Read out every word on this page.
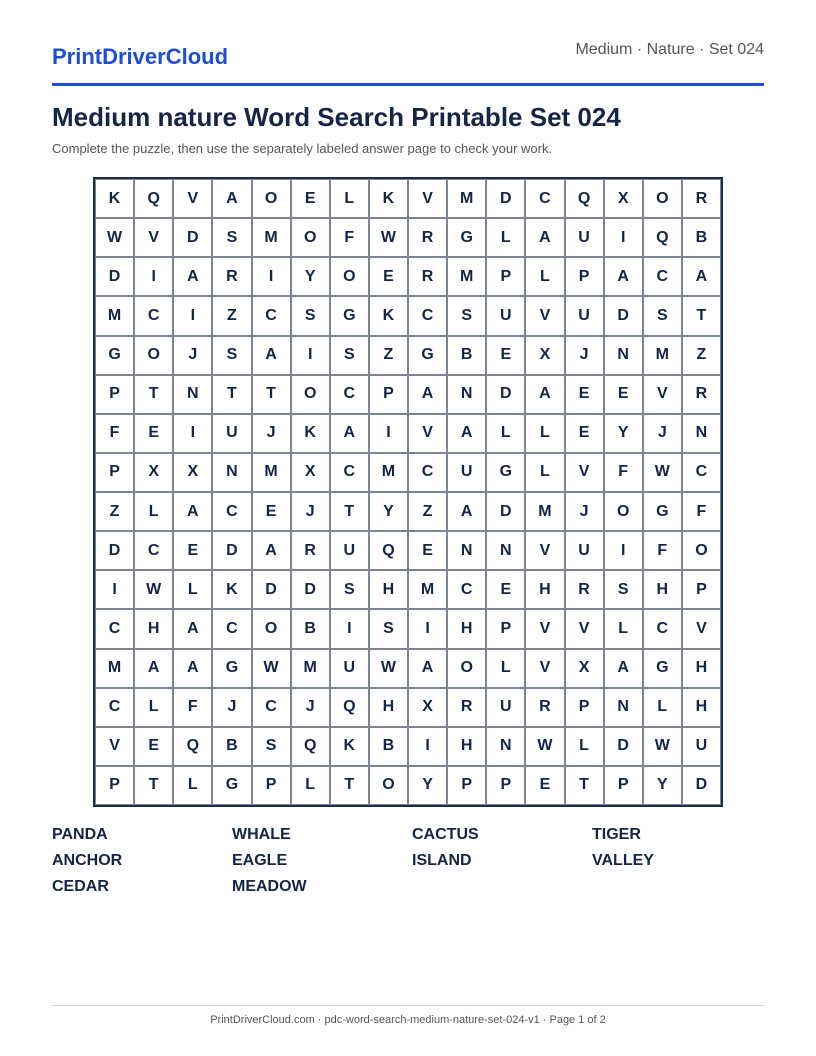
PrintDriverCloud	Medium · Nature · Set 024
Medium nature Word Search Printable Set 024
Complete the puzzle, then use the separately labeled answer page to check your work.
K	Q	V	A	O	E	L	K	V	M	D	C	Q	X	O	R
W	V	D	S	M	O	F	W	R	G	L	A	U	I	Q	B
D	I	A	R	I	Y	O	E	R	M	P	L	P	A	C	A
M	C	I	Z	C	S	G	K	C	S	U	V	U	D	S	T
G	O	J	S	A	I	S	Z	G	B	E	X	J	N	M	Z
P	T	N	T	T	O	C	P	A	N	D	A	E	E	V	R
F	E	I	U	J	K	A	I	V	A	L	L	E	Y	J	N
P	X	X	N	M	X	C	M	C	U	G	L	V	F	W	C
Z	L	A	C	E	J	T	Y	Z	A	D	M	J	O	G	F
D	C	E	D	A	R	U	Q	E	N	N	V	U	I	F	O
I	W	L	K	D	D	S	H	M	C	E	H	R	S	H	P
C	H	A	C	O	B	I	S	I	H	P	V	V	L	C	V
M	A	A	G	W	M	U	W	A	O	L	V	X	A	G	H
C	L	F	J	C	J	Q	H	X	R	U	R	P	N	L	H
V	E	Q	B	S	Q	K	B	I	H	N	W	L	D	W	U
P	T	L	G	P	L	T	O	Y	P	P	E	T	P	Y	D
PANDA	WHALE	CACTUS	TIGER
ANCHOR	EAGLE	ISLAND	VALLEY
CEDAR	MEADOW
PrintDriverCloud.com · pdc-word-search-medium-nature-set-024-v1 · Page 1 of 2
